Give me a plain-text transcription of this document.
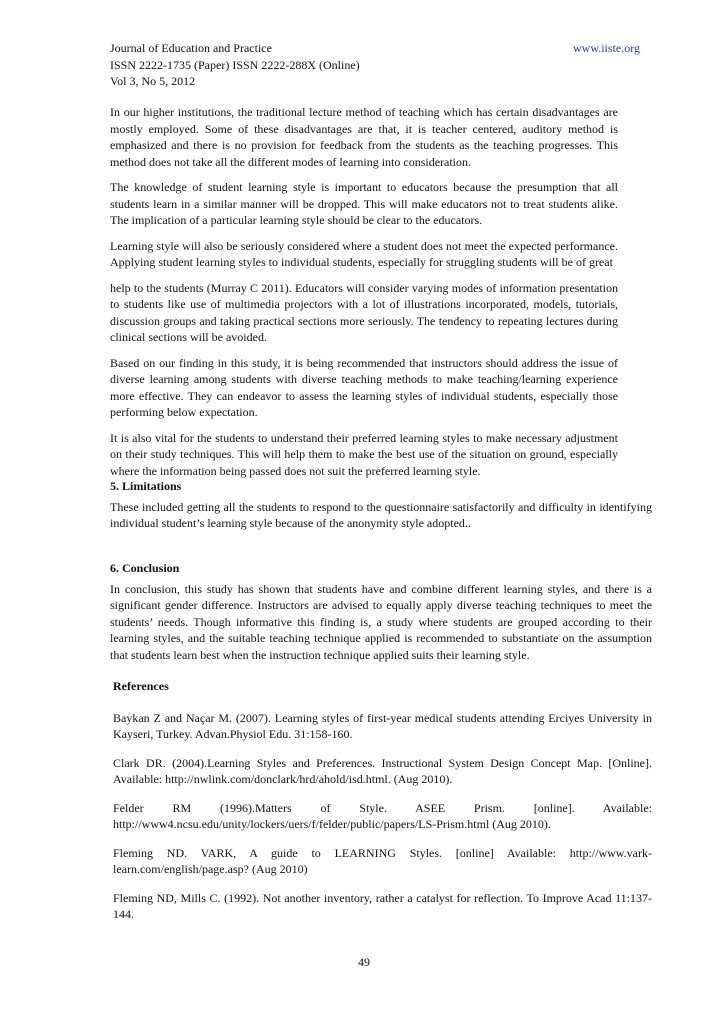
Journal of Education and Practice	www.iiste.org
ISSN 2222-1735 (Paper) ISSN 2222-288X (Online)
Vol 3, No 5, 2012

In our higher institutions, the traditional lecture method of teaching which has certain disadvantages are mostly employed. Some of these disadvantages are that, it is teacher centered, auditory method is emphasized and there is no provision for feedback from the students as the teaching progresses. This method does not take all the different modes of learning into consideration.

The knowledge of student learning style is important to educators because the presumption that all students learn in a similar manner will be dropped. This will make educators not to treat students alike. The implication of a particular learning style should be clear to the educators.

Learning style will also be seriously considered where a student does not meet the expected performance. Applying student learning styles to individual students, especially for struggling students will be of great

help to the students (Murray C 2011). Educators will consider varying modes of information presentation to students like use of multimedia projectors with a lot of illustrations incorporated, models, tutorials, discussion groups and taking practical sections more seriously. The tendency to repeating lectures during clinical sections will be avoided.

Based on our finding in this study, it is being recommended that instructors should address the issue of diverse learning among students with diverse teaching methods to make teaching/learning experience more effective. They can endeavor to assess the learning styles of individual students, especially those performing below expectation.

It is also vital for the students to understand their preferred learning styles to make necessary adjustment on their study techniques. This will help them to make the best use of the situation on ground, especially where the information being passed does not suit the preferred learning style.

5. Limitations

These included getting all the students to respond to the questionnaire satisfactorily and difficulty in identifying individual student’s learning style because of the anonymity style adopted..

6. Conclusion

In conclusion, this study has shown that students have and combine different learning styles, and there is a significant gender difference. Instructors are advised to equally apply diverse teaching techniques to meet the students’ needs. Though informative this finding is, a study where students are grouped according to their learning styles, and the suitable teaching technique applied is recommended to substantiate on the assumption that students learn best when the instruction technique applied suits their learning style.

References
Baykan Z and Naçar M. (2007). Learning styles of first-year medical students attending Erciyes University in Kayseri, Turkey. Advan.Physiol Edu. 31:158-160.
Clark DR. (2004).Learning Styles and Preferences. Instructional System Design Concept Map. [Online]. Available: http://nwlink.com/donclark/hrd/ahold/isd.html. (Aug 2010).
Felder RM (1996).Matters of Style. ASEE Prism. [online]. Available: http://www4.ncsu.edu/unity/lockers/uers/f/felder/public/papers/LS-Prism.html (Aug 2010).
Fleming ND. VARK, A guide to LEARNING Styles. [online] Available: http://www.vark-learn.com/english/page.asp? (Aug 2010)
Fleming ND, Mills C. (1992). Not another inventory, rather a catalyst for reflection. To Improve Acad 11:137-144.
49
